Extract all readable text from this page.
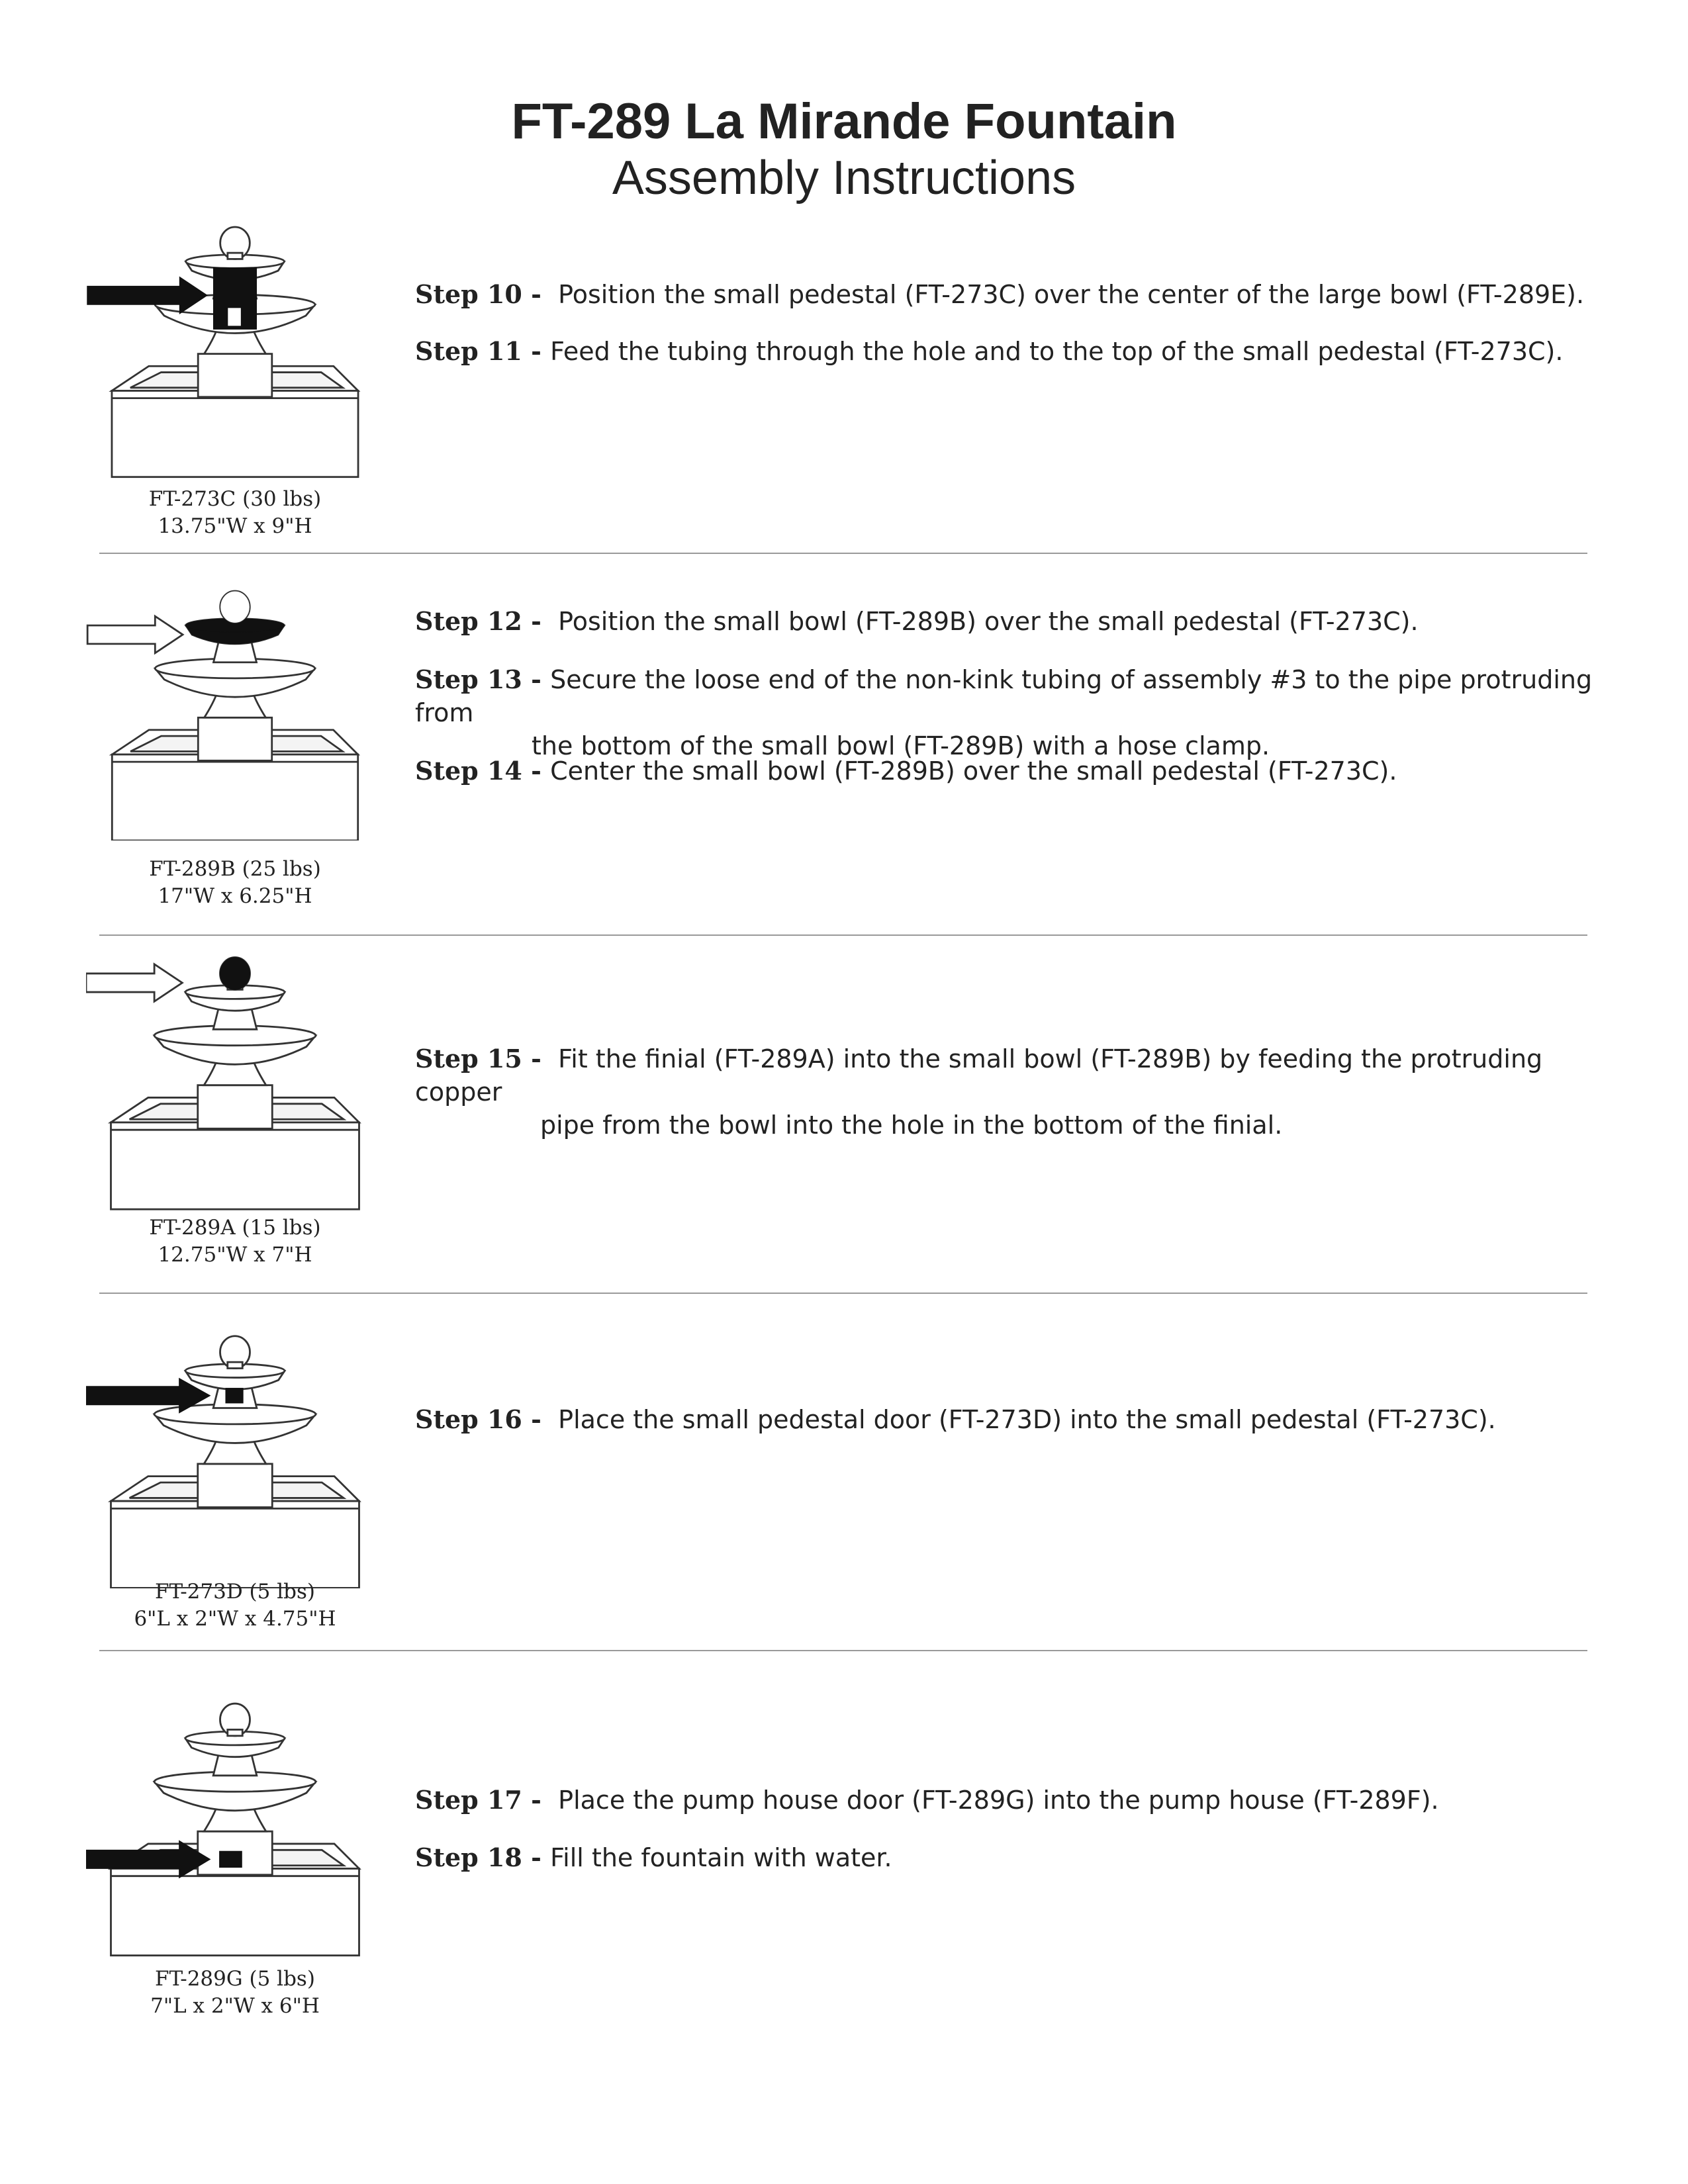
FT-289 La Mirande Fountain
Assembly Instructions
FT-273C (30 lbs)
13.75"W x 9"H
Step 10 -  Position the small pedestal (FT-273C) over the center of the large bowl (FT-289E).
Step 11 - Feed the tubing through the hole and to the top of the small pedestal (FT-273C).
FT-289B (25 lbs)
17"W x 6.25"H
Step 12 -  Position the small bowl (FT-289B) over the small pedestal (FT-273C).
Step 13 - Secure the loose end of the non-kink tubing of assembly #3 to the pipe protruding from
the bottom of the small bowl (FT-289B) with a hose clamp.
Step 14 - Center the small bowl (FT-289B) over the small pedestal (FT-273C).
FT-289A (15 lbs)
12.75"W x 7"H
Step 15 -  Fit the finial (FT-289A) into the small bowl (FT-289B) by feeding the protruding copper
pipe from the bowl into the hole in the bottom of the finial.
FT-273D (5 lbs)
6"L x 2"W x 4.75"H
Step 16 -  Place the small pedestal door (FT-273D) into the small pedestal (FT-273C).
FT-289G (5 lbs)
7"L x 2"W x 6"H
Step 17 -  Place the pump house door (FT-289G) into the pump house (FT-289F).
Step 18 - Fill the fountain with water.
